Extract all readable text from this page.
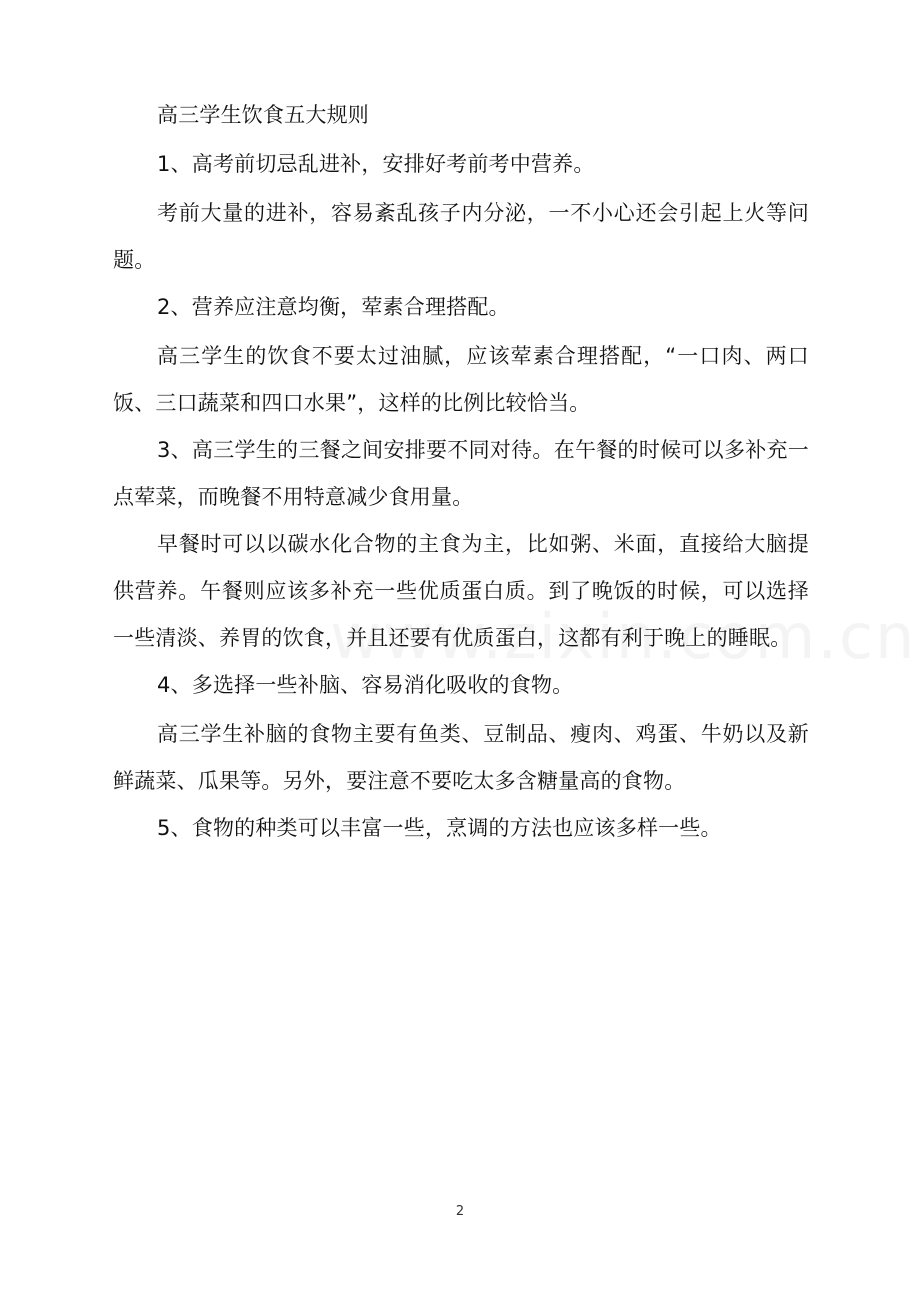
高三学生饮食五大规则

1、高考前切忌乱进补，安排好考前考中营养。

考前大量的进补，容易紊乱孩子内分泌，一不小心还会引起上火等问题。

2、营养应注意均衡，荤素合理搭配。

高三学生的饮食不要太过油腻，应该荤素合理搭配，“一口肉、两口饭、三口蔬菜和四口水果”，这样的比例比较恰当。

3、高三学生的三餐之间安排要不同对待。在午餐的时候可以多补充一点荤菜，而晚餐不用特意减少食用量。

早餐时可以以碳水化合物的主食为主，比如粥、米面，直接给大脑提供营养。午餐则应该多补充一些优质蛋白质。到了晚饭的时候，可以选择一些清淡、养胃的饮食，并且还要有优质蛋白，这都有利于晚上的睡眠。

4、多选择一些补脑、容易消化吸收的食物。

高三学生补脑的食物主要有鱼类、豆制品、瘦肉、鸡蛋、牛奶以及新鲜蔬菜、瓜果等。另外，要注意不要吃太多含糖量高的食物。

5、食物的种类可以丰富一些，烹调的方法也应该多样一些。

2
